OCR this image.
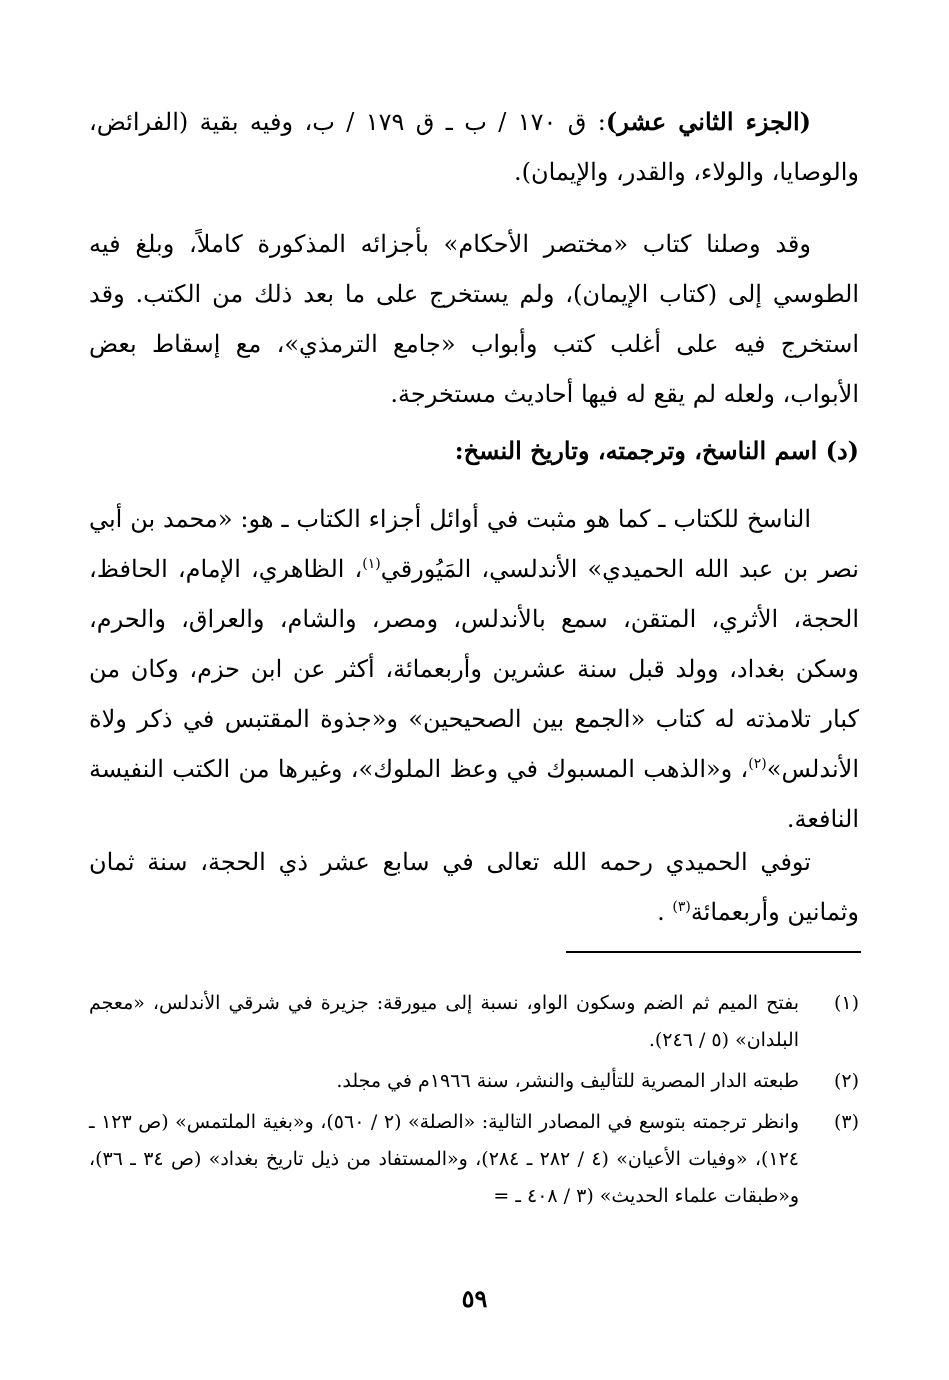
(الجزء الثاني عشر): ق ١٧٠ / ب ـ ق ١٧٩ / ب، وفيه بقية (الفرائض، والوصايا، والولاء، والقدر، والإيمان).

وقد وصلنا كتاب «مختصر الأحكام» بأجزائه المذكورة كاملاً، وبلغ فيه الطوسي إلى (كتاب الإيمان)، ولم يستخرج على ما بعد ذلك من الكتب. وقد استخرج فيه على أغلب كتب وأبواب «جامع الترمذي»، مع إسقاط بعض الأبواب، ولعله لم يقع له فيها أحاديث مستخرجة.

(د) اسم الناسخ، وترجمته، وتاريخ النسخ:

الناسخ للكتاب ـ كما هو مثبت في أوائل أجزاء الكتاب ـ هو: «محمد بن أبي نصر بن عبد الله الحميدي» الأندلسي، المَيُورقي$^{(١)}$، الظاهري، الإمام، الحافظ، الحجة، الأثري، المتقن، سمع بالأندلس، ومصر، والشام، والعراق، والحرم، وسكن بغداد، وولد قبل سنة عشرين وأربعمائة، أكثر عن ابن حزم، وكان من كبار تلامذته له كتاب «الجمع بين الصحيحين» و«جذوة المقتبس في ذكر ولاة الأندلس»$^{(٢)}$، و«الذهب المسبوك في وعظ الملوك»، وغيرها من الكتب النفيسة النافعة.

توفي الحميدي رحمه الله تعالى في سابع عشر ذي الحجة، سنة ثمان وثمانين وأربعمائة$^{(٣)}$ .

(١)
بفتح الميم ثم الضم وسكون الواو، نسبة إلى ميورقة: جزيرة في شرقي الأندلس، «معجم البلدان» (٥ / ٢٤٦).
(٢)
طبعته الدار المصرية للتأليف والنشر، سنة ١٩٦٦م في مجلد.
(٣)
وانظر ترجمته بتوسع في المصادر التالية: «الصلة» (٢ / ٥٦٠)، و«بغية الملتمس» (ص ١٢٣ ـ ١٢٤)، «وفيات الأعيان» (٤ / ٢٨٢ ـ ٢٨٤)، و«المستفاد من ذيل تاريخ بغداد» (ص ٣٤ ـ ٣٦)، و«طبقات علماء الحديث» (٣ / ٤٠٨ ـ =
٥٩
